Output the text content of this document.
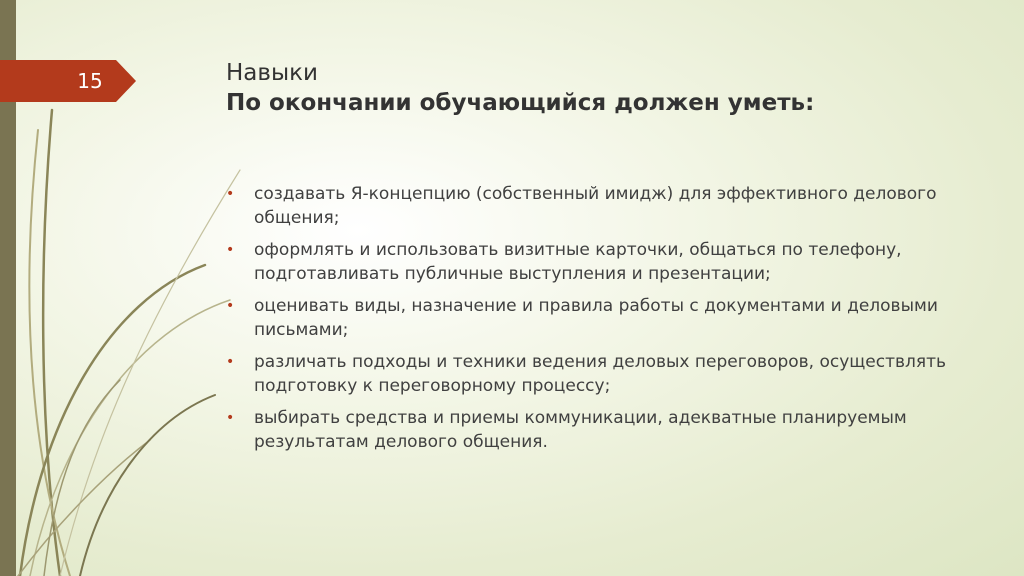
15	Навыки
По окончании обучающийся должен уметь:
• создавать Я-концепцию (собственный имидж) для эффективного делового общения;
• оформлять и использовать визитные карточки, общаться по телефону, подготавливать публичные выступления и презентации;
• оценивать виды, назначение и правила работы с документами и деловыми письмами;
• различать подходы и техники ведения деловых переговоров, осуществлять подготовку к переговорному процессу;
• выбирать средства и приемы коммуникации, адекватные планируемым результатам делового общения.
